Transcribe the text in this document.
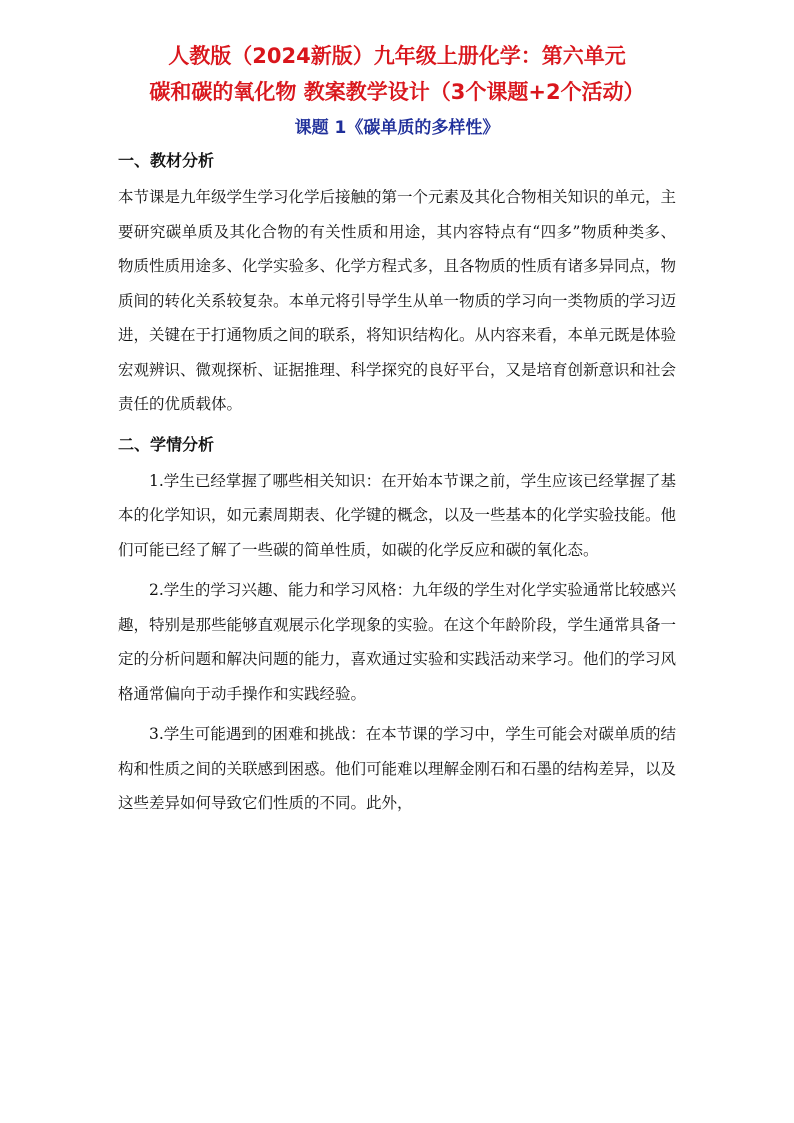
人教版（2024新版）九年级上册化学：第六单元
碳和碳的氧化物 教案教学设计（3个课题+2个活动）
课题 1《碳单质的多样性》
一、教材分析

本节课是九年级学生学习化学后接触的第一个元素及其化合物相关知识的单元，主要研究碳单质及其化合物的有关性质和用途，其内容特点有“四多”物质种类多、物质性质用途多、化学实验多、化学方程式多，且各物质的性质有诸多异同点，物质间的转化关系较复杂。本单元将引导学生从单一物质的学习向一类物质的学习迈进，关键在于打通物质之间的联系，将知识结构化。从内容来看，本单元既是体验宏观辨识、微观探析、证据推理、科学探究的良好平台，又是培育创新意识和社会责任的优质载体。

二、学情分析

1.学生已经掌握了哪些相关知识：在开始本节课之前，学生应该已经掌握了基本的化学知识，如元素周期表、化学键的概念，以及一些基本的化学实验技能。他们可能已经了解了一些碳的简单性质，如碳的化学反应和碳的氧化态。

2.学生的学习兴趣、能力和学习风格：九年级的学生对化学实验通常比较感兴趣，特别是那些能够直观展示化学现象的实验。在这个年龄阶段，学生通常具备一定的分析问题和解决问题的能力，喜欢通过实验和实践活动来学习。他们的学习风格通常偏向于动手操作和实践经验。

3.学生可能遇到的困难和挑战：在本节课的学习中，学生可能会对碳单质的结构和性质之间的关联感到困惑。他们可能难以理解金刚石和石墨的结构差异，以及这些差异如何导致它们性质的不同。此外，
